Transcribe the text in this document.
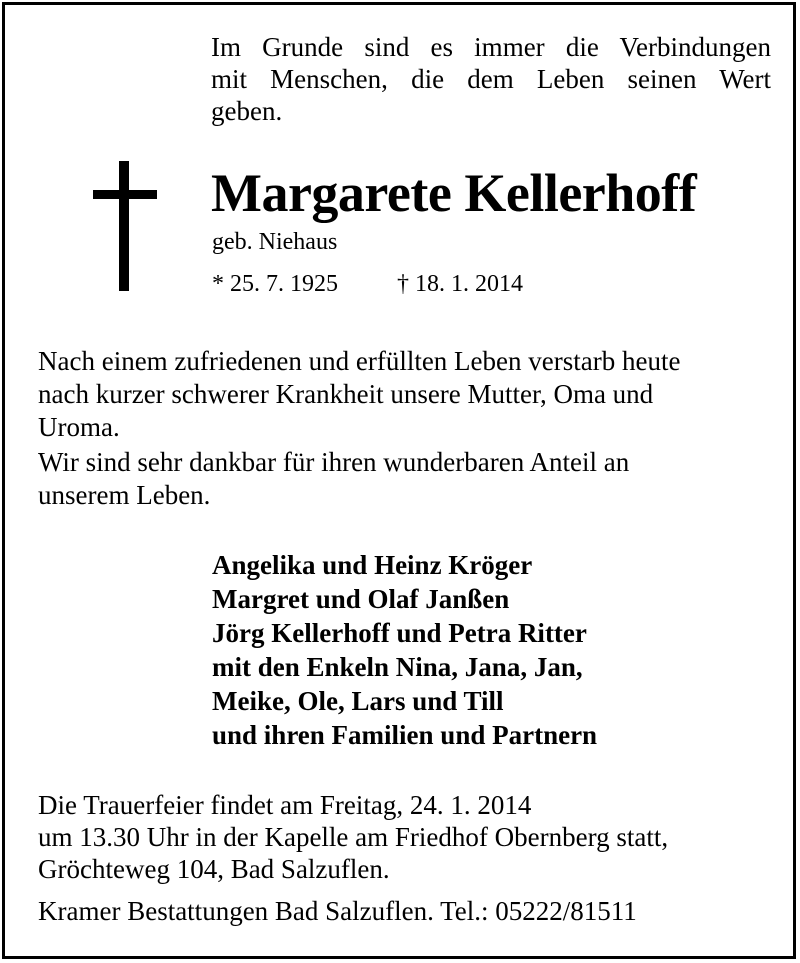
Im Grunde sind es immer die Verbindungen
mit Menschen, die dem Leben seinen Wert
geben.
Margarete Kellerhoff
geb. Niehaus
* 25. 7. 1925 † 18. 1. 2014
Nach einem zufriedenen und erfüllten Leben verstarb heute
nach kurzer schwerer Krankheit unsere Mutter, Oma und
Uroma.
Wir sind sehr dankbar für ihren wunderbaren Anteil an
unserem Leben.
Angelika und Heinz Kröger
Margret und Olaf Janßen
Jörg Kellerhoff und Petra Ritter
mit den Enkeln Nina, Jana, Jan,
Meike, Ole, Lars und Till
und ihren Familien und Partnern
Die Trauerfeier findet am Freitag, 24. 1. 2014
um 13.30 Uhr in der Kapelle am Friedhof Obernberg statt,
Gröchteweg 104, Bad Salzuflen.
Kramer Bestattungen Bad Salzuflen. Tel.: 05222/81511
